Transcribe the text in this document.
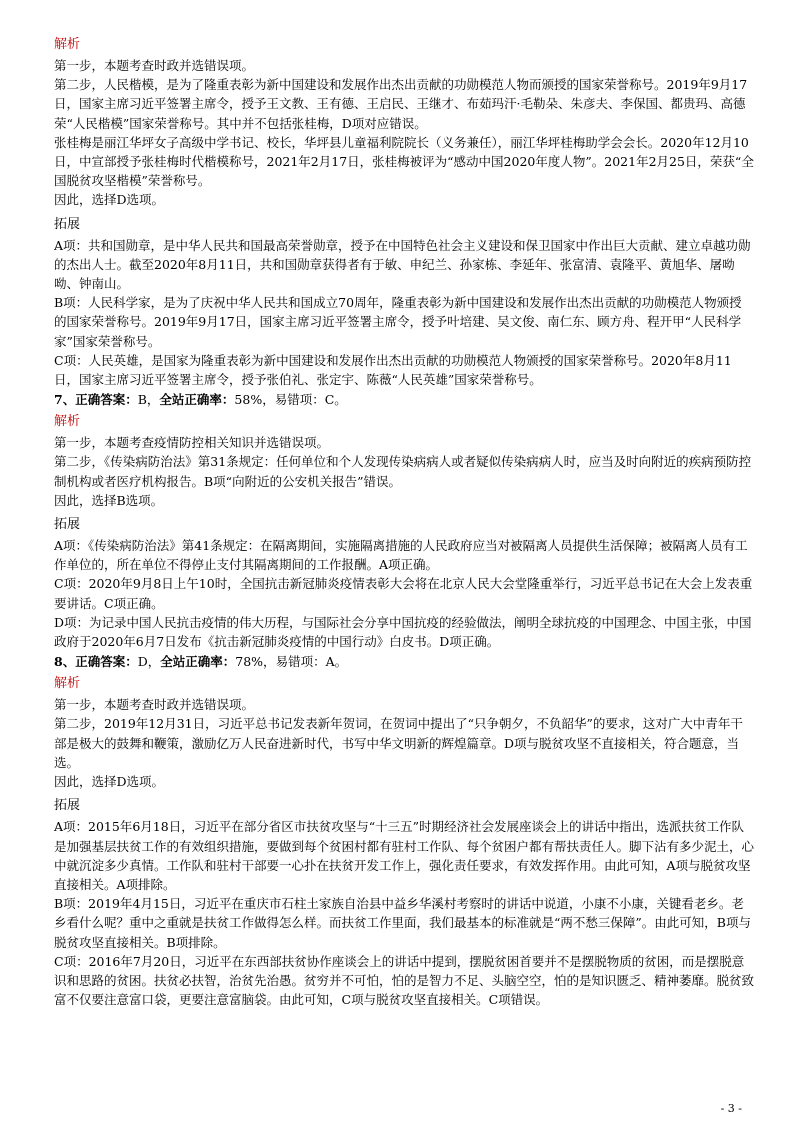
解析

第一步，本题考查时政并选错误项。

第二步，人民楷模，是为了隆重表彰为新中国建设和发展作出杰出贡献的功勋模范人物而颁授的国家荣誉称号。2019年9月17日，国家主席习近平签署主席令，授予王文教、王有德、王启民、王继才、布茹玛汗·毛勒朵、朱彦夫、李保国、都贵玛、高德荣“人民楷模”国家荣誉称号。其中并不包括张桂梅，D项对应错误。

张桂梅是丽江华坪女子高级中学书记、校长，华坪县儿童福利院院长（义务兼任），丽江华坪桂梅助学会会长。2020年12月10日，中宣部授予张桂梅时代楷模称号，2021年2月17日，张桂梅被评为“感动中国2020年度人物”。2021年2月25日，荣获“全国脱贫攻坚楷模”荣誉称号。

因此，选择D选项。

拓展

A项：共和国勋章，是中华人民共和国最高荣誉勋章，授予在中国特色社会主义建设和保卫国家中作出巨大贡献、建立卓越功勋的杰出人士。截至2020年8月11日，共和国勋章获得者有于敏、申纪兰、孙家栋、李延年、张富清、袁隆平、黄旭华、屠呦呦、钟南山。

B项：人民科学家，是为了庆祝中华人民共和国成立70周年，隆重表彰为新中国建设和发展作出杰出贡献的功勋模范人物颁授的国家荣誉称号。2019年9月17日，国家主席习近平签署主席令，授予叶培建、吴文俊、南仁东、顾方舟、程开甲“人民科学家”国家荣誉称号。

C项：人民英雄，是国家为隆重表彰为新中国建设和发展作出杰出贡献的功勋模范人物颁授的国家荣誉称号。2020年8月11日，国家主席习近平签署主席令，授予张伯礼、张定宇、陈薇“人民英雄”国家荣誉称号。

7、正确答案：B，全站正确率：58%，易错项：C。

解析

第一步，本题考查疫情防控相关知识并选错误项。

第二步，《传染病防治法》第31条规定：任何单位和个人发现传染病病人或者疑似传染病病人时，应当及时向附近的疾病预防控制机构或者医疗机构报告。B项“向附近的公安机关报告”错误。

因此，选择B选项。

拓展

A项：《传染病防治法》第41条规定：在隔离期间，实施隔离措施的人民政府应当对被隔离人员提供生活保障；被隔离人员有工作单位的，所在单位不得停止支付其隔离期间的工作报酬。A项正确。

C项：2020年9月8日上午10时，全国抗击新冠肺炎疫情表彰大会将在北京人民大会堂隆重举行，习近平总书记在大会上发表重要讲话。C项正确。

D项：为记录中国人民抗击疫情的伟大历程，与国际社会分享中国抗疫的经验做法，阐明全球抗疫的中国理念、中国主张，中国政府于2020年6月7日发布《抗击新冠肺炎疫情的中国行动》白皮书。D项正确。

8、正确答案：D，全站正确率：78%，易错项：A。

解析

第一步，本题考查时政并选错误项。

第二步，2019年12月31日，习近平总书记发表新年贺词，在贺词中提出了“只争朝夕，不负韶华”的要求，这对广大中青年干部是极大的鼓舞和鞭策，激励亿万人民奋进新时代，书写中华文明新的辉煌篇章。D项与脱贫攻坚不直接相关，符合题意，当选。

因此，选择D选项。

拓展

A项：2015年6月18日，习近平在部分省区市扶贫攻坚与“十三五”时期经济社会发展座谈会上的讲话中指出，选派扶贫工作队是加强基层扶贫工作的有效组织措施，要做到每个贫困村都有驻村工作队、每个贫困户都有帮扶责任人。脚下沾有多少泥土，心中就沉淀多少真情。工作队和驻村干部要一心扑在扶贫开发工作上，强化责任要求，有效发挥作用。由此可知，A项与脱贫攻坚直接相关。A项排除。

B项：2019年4月15日，习近平在重庆市石柱土家族自治县中益乡华溪村考察时的讲话中说道，小康不小康，关键看老乡。老乡看什么呢？重中之重就是扶贫工作做得怎么样。而扶贫工作里面，我们最基本的标准就是“两不愁三保障”。由此可知，B项与脱贫攻坚直接相关。B项排除。

C项：2016年7月20日，习近平在东西部扶贫协作座谈会上的讲话中提到，摆脱贫困首要并不是摆脱物质的贫困，而是摆脱意识和思路的贫困。扶贫必扶智，治贫先治愚。贫穷并不可怕，怕的是智力不足、头脑空空，怕的是知识匮乏、精神萎靡。脱贫致富不仅要注意富口袋，更要注意富脑袋。由此可知，C项与脱贫攻坚直接相关。C项错误。

- 3 -
